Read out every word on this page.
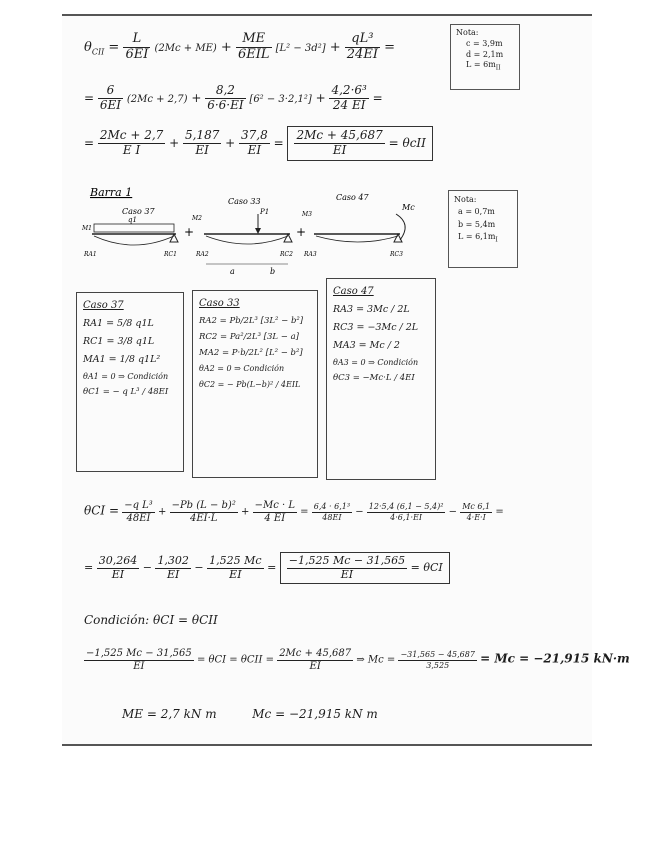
$\theta_{CII} = \frac{L}{6EI} (2Mc + ME) + \frac{ME}{\text{6EIL}} [L^2 - 3d^2] + \frac{\text{qL³}}{24EI}$ =
Nota:
c = 3,9m
d = 2,1m
$L = 6m_{II}$
= $\frac{6}{6EI} (2Mc + 2,7) + \frac{8,2}{6\cdot 6\cdot EI} [6^2 - 3\cdot 2,1^2] + \frac{\text{4,2·6³}}{24 EI}$ =
= $\frac{2Mc + 2,7}{\text{E I}} + \frac{5,187}{EI} + \frac{37,8}{EI} = \frac{2Mc + 45,687}{EI} = \theta cII$
Barra 1
Caso 37
Caso 33	Caso 47
q1
+
P1
a	b
+
Mc
M1
RA1	RC1
M2
RA2	RC2
M3
RA3	RC3
Nota:
a = 0,7m
b = 5,4m
$L = 6,1m_I$
Caso 37
RA1 = 5/8 q1L
RC1 = 3/8 q1L
MA1 = 1/8 q1L²
θA1 = 0 ⇒ Condición
θC1 = − q L³ / 48EI
Caso 33
RA2 = Pb/2L³ [3L² − b²]
RC2 = Pa²/2L³ [3L − a]
MA2 = P·b/2L² [L² − b²]
θA2 = 0 ⇒ Condición
θC2 = − Pb(L−b)² / 4EIL
Caso 47
RA3 = 3Mc / 2L
RC3 = −3Mc / 2L
MA3 = Mc / 2
θA3 = 0 ⇒ Condición
θC3 = −Mc·L / 4EI
$\theta CI = \frac{\text{−q L³}}{48EI} + \frac{\text{−Pb (L − b)²}}{4EI\cdot L} + \frac{-Mc \cdot L}{4 EI} = \frac{\text{6,4 · 6,1³}}{48EI} - \frac{\text{12·5,4 (6,1 − 5,4)²}}{4\cdot 6,1\cdot EI} - \frac{Mc 6,1}{4\cdot E\cdot I}$ =
= $\frac{30,264}{EI} - \frac{1,302}{EI} - \frac{1,525 Mc}{EI} = \frac{-1,525 Mc - 31,565}{EI} = \theta CI$
Condición: θCI = θCII
$\frac{-1,525 Mc - 31,565}{EI} = \theta CI = \theta CII = \frac{2Mc + 45,687}{EI}$ ⇒ $Mc = \frac{-31,565 - 45,687}{3,525} = Mc = -21,915$ kN·m
ME = 2,7 kN m	Mc = −21,915 kN m
